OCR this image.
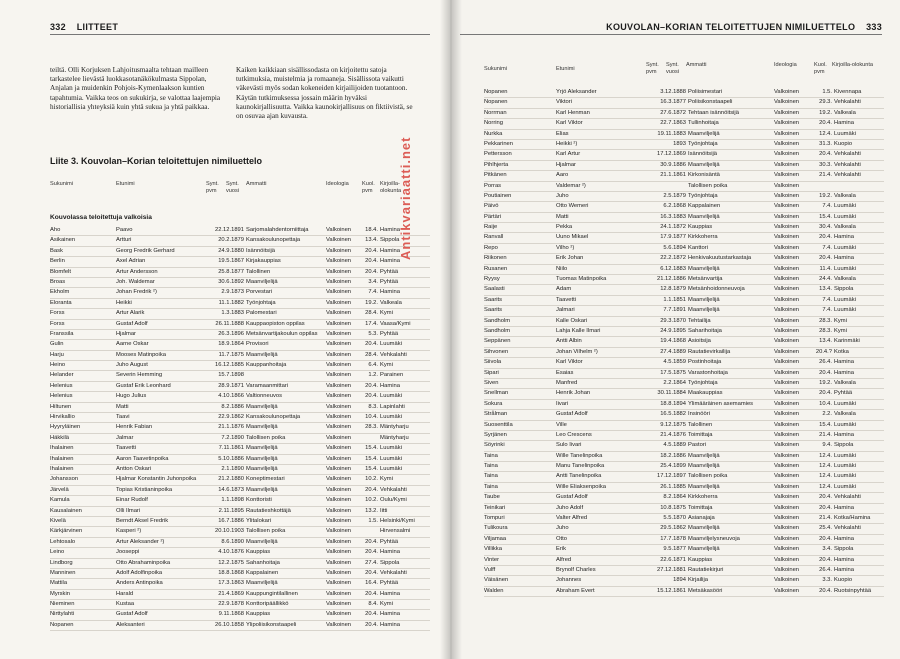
332 LIITTEET
teiltä. Olli Korjuksen Lahjoitusmaalta tehtaan mailleen tarkastelee lievästä luokkasotanäkökulmasta Sippolan, Anjalan ja muidenkin Pohjois-Kymenlaakson kuntien tapahtumia. Vaikka teos on sukukirja, se valottaa laajempia historiallisia yhteyksiä kuin yhtä sukua ja yhtä paikkaa.
Kaiken kaikkiaan sisällissodasta on kirjoitettu satoja tutkimuksia, muistelmia ja romaaneja. Sisällissota vaikutti väkevästi myös sodan kokeneiden kirjailijoiden tuotantoon. Käytän tutkimuksessa jossain määrin hyväksi kaunokirjallisuutta. Vaikka kaunokirjallisuus on fiktiivistä, se on osuvaa ajan kuvausta.
Liite 3. Kouvolan–Korian teloitettujen nimiluettelo
Sukunimi	Etunimi	Synt. pvm
Synt. vuosi
Ammatti	Ideologia Kuol. pvm
Kirjoilla-olokunta
Kouvolassa teloitettuja valkoisia
Aho	Paavo	22.12.1891 Sarjomalahdentorniittaja	Valkoinen	18.4. Hamina
Asikainen	Artturi	20.2.1879 Kansakoulunopettaja	Valkoinen	13.4. Sippola
Bask	Georg Fredrik Gerhard	24.9.1880 Isännöitsijä	Valkoinen	20.4. Hamina
Berlin	Axel Adrian	19.5.1867 Kirjakauppias	Valkoinen	20.4. Hamina
Blomfelt	Artur Andersson	25.8.1877 Talollinen	Valkoinen	20.4. Pyhtää
Broas	Joh. Waldemar	30.6.1892 Maanviljelijä	Valkoinen	3.4. Pyhtää
Ekholm	Johan Fredrik ²)	2.9.1873 Porvestari	Valkoinen	7.4. Hamina
Eloranta	Heikki	11.1.1882 Työnjohtaja	Valkoinen	19.2. Valkeala
Forss	Artur Alarik	1.3.1883 Palomestari	Valkoinen	28.4. Kymi
Forss	Gustaf Adolf	26.11.1888 Kauppaopiston oppilas	Valkoinen	17.4. Vaasa/Kymi
Franssila	Hjalmar	26.3.1896 Metsänvartijakoulun oppilas	Valkoinen	5.3. Pyhtää
Gulin	Aarne Oskar	18.9.1864 Provisori	Valkoinen	20.4. Luumäki
Harju	Mooses Matinpoika	11.7.1875 Maanviljelijä	Valkoinen	28.4. Vehkalahti
Heino	Juho August	16.12.1885 Kauppanhoitaja	Valkoinen	6.4. Kymi
Helander	Severin Hemming	15.7.1898	Valkoinen	1.2. Parainen
Helenius	Gustaf Erik Leonhard	28.9.1871 Varamaanmittari	Valkoinen	20.4. Hamina
Helenius	Hugo Julius	4.10.1866 Valtionneuvos	Valkoinen	20.4. Luumäki
Hiltunen	Matti	8.2.1886 Maanviljelijä	Valkoinen	8.3. Lapinlahti
Hirvikallio	Taavi	22.9.1862 Kansakoulunopettaja	Valkoinen	10.4. Luumäki
Hyyryläinen	Henrik Fabian	21.1.1876 Maanviljelijä	Valkoinen	28.3. Mäntyharju
Häkkilä	Jalmar	7.2.1890 Talollisen poika	Valkoinen	Mäntyharju
Ihalainen	Taavetti	7.11.1861 Maanviljelijä	Valkoinen	15.4. Luumäki
Ihalainen	Aaron Taavetinpoika	5.10.1886 Maanviljelijä	Valkoinen	15.4. Luumäki
Ihalainen	Antton Oskari	2.1.1890 Maanviljelijä	Valkoinen	15.4. Luumäki
Johansson	Hjalmar Konstantin Juhonpoika	21.2.1880 Koneptimestari	Valkoinen	10.2. Kymi
Järvelä	Topias Kristianinpoika	14.6.1873 Maanviljelijä	Valkoinen	20.4. Vehkalahti
Kamula	Einar Rudolf	1.1.1898 Konttoristi	Valkoinen	10.2. Oulu/Kymi
Kausalainen	Olli Ilmari	2.11.1895 Rautatieshkottäjä	Valkoinen	13.2. Iitti
Kivelä	Berndt Aksel Fredrik	16.7.1886 Ylitalokari	Valkoinen	1.5. Helsinki/Kymi
Kärkjärvinen	Kasperi ²)	20.10.1903 Talollisen poika	Valkoinen	Hirvensalmi
Lehtosalo	Artur Aleksander ²)	8.6.1890 Maanviljelijä	Valkoinen	20.4. Pyhtää
Leino	Jooseppi	4.10.1876 Kauppias	Valkoinen	20.4. Hamina
Lindborg	Otto Abrahaminpoika	12.2.1875 Sahanhoitaja	Valkoinen	27.4. Sippola
Manninen	Adolf Adolfinpoika	18.8.1868 Kappalainen	Valkoinen	20.4. Vehkalahti
Mattila	Anders Antinpoika	17.3.1863 Maanviljelijä	Valkoinen	16.4. Pyhtää
Myrskin	Harald	21.4.1869 Kauppungintilallinen	Valkoinen	20.4. Hamina
Nieminen	Kustaa	22.9.1878 Konttoripäällikkö	Valkoinen	8.4. Kymi
Nirttylahti	Gustaf Adolf	9.11.1868 Kauppias	Valkoinen	20.4. Hamina
Nopanen	Aleksanteri	26.10.1858 Ylipoliisikonstaapeli	Valkoinen	20.4. Hamina
Antikvariaatti.net
KOUVOLAN–KORIAN TELOITETTUJEN NIMILUETTELO 333
Sukunimi	Etunimi
Synt. pvm
Synt. vuosi
Ammatti	Ideologia	Kuol. pvm
Kirjoilla-olokunta
Nopanen	Yrjö Aleksander	3.12.1888 Poliisimestari	Valkoinen	1.5. Kivennapa
Nopanen	Viktori	16.3.1877 Poliisikonstaapeli	Valkoinen	29.3. Vehkalahti
Norrman	Karl Henman	27.6.1872 Tehtaan isännöitsijä	Valkoinen	19.2. Valkeala
Norring	Karl Viktor	22.7.1863 Tullinhoitaja	Valkoinen	20.4. Hamina
Nurkka	Elias	19.11.1883 Maanviljelijä	Valkoinen	12.4. Luumäki
Pekkarinen	Heikki ²)	1893 Työnjohtaja	Valkoinen	31.3. Kuopio
Pettersson	Karl Artur	17.12.1869 Isännöitsijä	Valkoinen	20.4. Vehkalahti
Pihlhjerta	Hjalmar	30.9.1886 Maanviljelijä	Valkoinen	30.3. Vehkalahti
Pitkänen	Aaro	21.1.1861 Kirkonisäntä	Valkoinen	21.4. Vehkalahti
Porras	Valdemar ²)	Talollisen poika	Valkoinen
Poutiainen	Juho	2.5.1879 Työnjohtaja	Valkoinen	19.2. Valkeala
Päivö	Otto Wemeri	6.2.1868 Kappalainen	Valkoinen	7.4. Luumäki
Pärtäri	Matti	16.3.1883 Maanviljelijä	Valkoinen	15.4. Luumäki
Raije	Pekka	24.1.1872 Kauppias	Valkoinen	30.4. Valkeala
Ranvall	Uuno Mikael	17.9.1877 Kirkkoherra	Valkoinen	20.4. Hamina
Repo	Vilho ²)	5.6.1894 Kanttori	Valkoinen	7.4. Luumäki
Riikonen	Erik Johan	22.2.1872 Henkivakuutustarkastaja	Valkoinen	20.4. Hamina
Rusanen	Niilo	6.12.1883 Maanviljelijä	Valkoinen	11.4. Luumäki
Ryysy	Tuomas Matinpoika	21.12.1886 Metsänvartija	Valkoinen	24.4. Valkeala
Saalasti	Adam	12.8.1879 Metsänhoidonneuvoja	Valkoinen	13.4. Sippola
Saarits	Taavetti	1.1.1851 Maanviljelijä	Valkoinen	7.4. Luumäki
Saarits	Jalmari	7.7.1891 Maanviljelijä	Valkoinen	7.4. Luumäki
Sandholm	Kalle Oskari	29.3.1870 Tehtailija	Valkoinen	28.3. Kymi
Sandholm	Lahja Kalle Ilmari	24.9.1895 Saharihoitaja	Valkoinen	28.3. Kymi
Seppänen	Antti Albin	19.4.1868 Asioitsija	Valkoinen	13.4. Karinmäki
Sihvonen	Johan Vilhelm ²)	27.4.1889 Rautatievirkailija	Valkoinen	20.4.? Kotka
Siivola	Karl Viktor	4.5.1859 Postinhoitaja	Valkoinen	26.4. Hamina
Sipari	Esaias	17.5.1875 Varastonhoitaja	Valkoinen	20.4. Hamina
Siven	Manfred	2.2.1864 Työnjohtaja	Valkoinen	19.2. Valkeala
Snellman	Henrik Johan	30.11.1884 Maakauppias	Valkoinen	20.4. Pyhtää
Sokura	Iivari	18.8.1894 Ylimääräinen asemamies	Valkoinen	10.4. Luumäki
Strålman	Gustaf Adolf	16.5.1882 Insinööri	Valkoinen	2.2. Valkeala
Suosenttila	Ville	9.12.1875 Talollinen	Valkoinen	15.4. Luumäki
Syrjänen	Leo Crescens	21.4.1876 Toimittaja	Valkoinen	21.4. Hamina
Söyrinki	Sulo Iivari	4.5.1889 Pastori	Valkoinen	9.4. Sippola
Taina	Wille Tanelinpoika	18.2.1886 Maanviljelijä	Valkoinen	12.4. Luumäki
Taina	Manu Tanelinpoika	25.4.1899 Maanviljelijä	Valkoinen	12.4. Luumäki
Taina	Antti Tanelinpoika	17.12.1897 Talollisen poika	Valkoinen	12.4. Luumäki
Taina	Wille Eliaksenpoika	26.1.1885 Maanviljelijä	Valkoinen	12.4. Luumäki
Taube	Gustaf Adolf	8.2.1864 Kirkkoherra	Valkoinen	20.4. Vehkalahti
Teinikari	Juho Adolf	10.8.1875 Toimittaja	Valkoinen	20.4. Hamina
Tompuri	Valter Alfred	5.5.1870 Asianajaja	Valkoinen	21.4. Kotka/Hamina
Tulikoura	Juho	29.5.1862 Maanviljelijä	Valkoinen	25.4. Vehkalahti
Viljamaa	Otto	17.7.1878 Maanviljelysneuvoja	Valkoinen	20.4. Hamina
Villikka	Erik	9.5.1877 Maanviljelijä	Valkoinen	3.4. Sippola
Vinter	Alfred	22.6.1871 Kauppias	Valkoinen	20.4. Hamina
Vulff	Brynolf Charles	27.12.1881 Rautatiekirjuri	Valkoinen	26.4. Hamina
Väisänen	Johannes	1894 Kirjailija	Valkoinen	3.3. Kuopio
Walden	Abraham Evert	15.12.1861 Metsäkasööri	Valkoinen	20.4. Ruotsinpyhtää
